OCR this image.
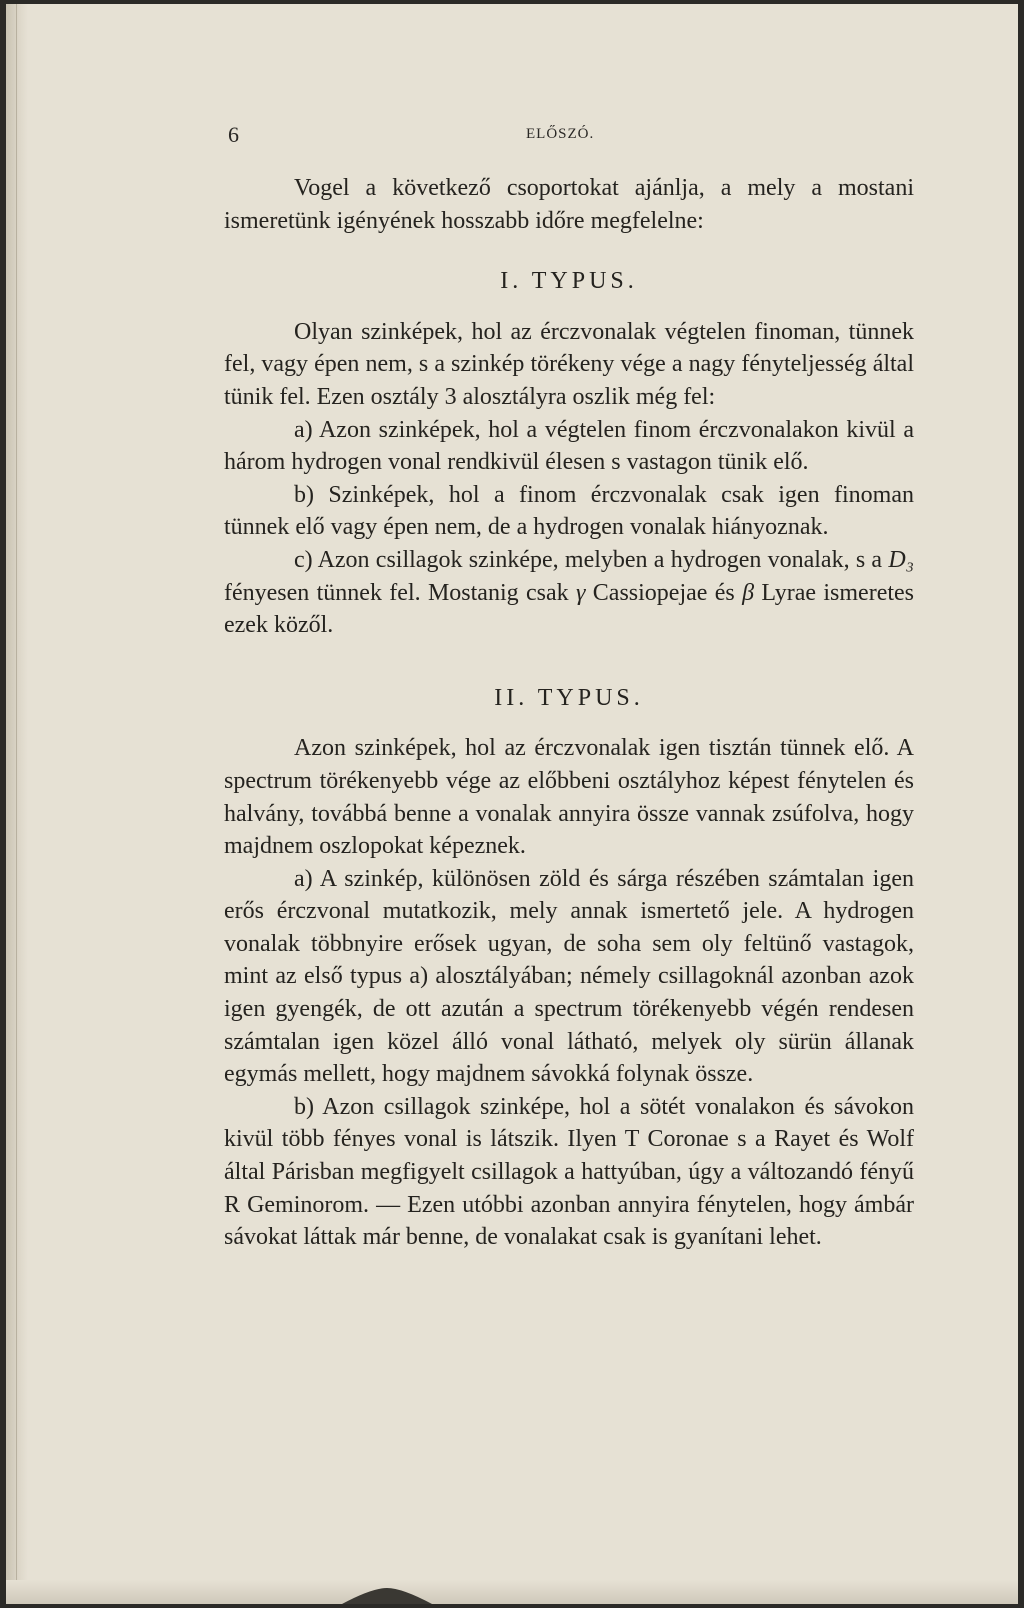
6	ELŐSZÓ.

Vogel a következő csoportokat ajánlja, a mely a mostani ismeretünk igényének hosszabb időre megfelelne:

I. TYPUS.

Olyan szinképek, hol az érczvonalak végtelen finoman, tünnek fel, vagy épen nem, s a szinkép törékeny vége a nagy fényteljesség által tünik fel. Ezen osztály 3 alosztályra oszlik még fel:

a) Azon szinképek, hol a végtelen finom érczvonalakon kivül a három hydrogen vonal rendkivül élesen s vastagon tünik elő.

b) Szinképek, hol a finom érczvonalak csak igen finoman tünnek elő vagy épen nem, de a hydrogen vonalak hiányoznak.

c) Azon csillagok szinképe, melyben a hydrogen vonalak, s a D₃ fényesen tünnek fel. Mostanig csak γ Cassiopejae és β Lyrae ismeretes ezek közől.

II. TYPUS.

Azon szinképek, hol az érczvonalak igen tisztán tünnek elő. A spectrum törékenyebb vége az előbbeni osztályhoz képest fénytelen és halvány, továbbá benne a vonalak annyira össze vannak zsúfolva, hogy majdnem oszlopokat képeznek.

a) A szinkép, különösen zöld és sárga részében számtalan igen erős érczvonal mutatkozik, mely annak ismertető jele. A hydrogen vonalak többnyire erősek ugyan, de soha sem oly feltünő vastagok, mint az első typus a) alosztályában; némely csillagoknál azonban azok igen gyengék, de ott azután a spectrum törékenyebb végén rendesen számtalan igen közel álló vonal látható, melyek oly sürün állanak egymás mellett, hogy majdnem sávokká folynak össze.

b) Azon csillagok szinképe, hol a sötét vonalakon és sávokon kivül több fényes vonal is látszik. Ilyen T Coronae s a Rayet és Wolf által Párisban megfigyelt csillagok a hattyúban, úgy a változandó fényű R Geminorom. — Ezen utóbbi azonban annyira fénytelen, hogy ámbár sávokat láttak már benne, de vonalakat csak is gyanítani lehet.
